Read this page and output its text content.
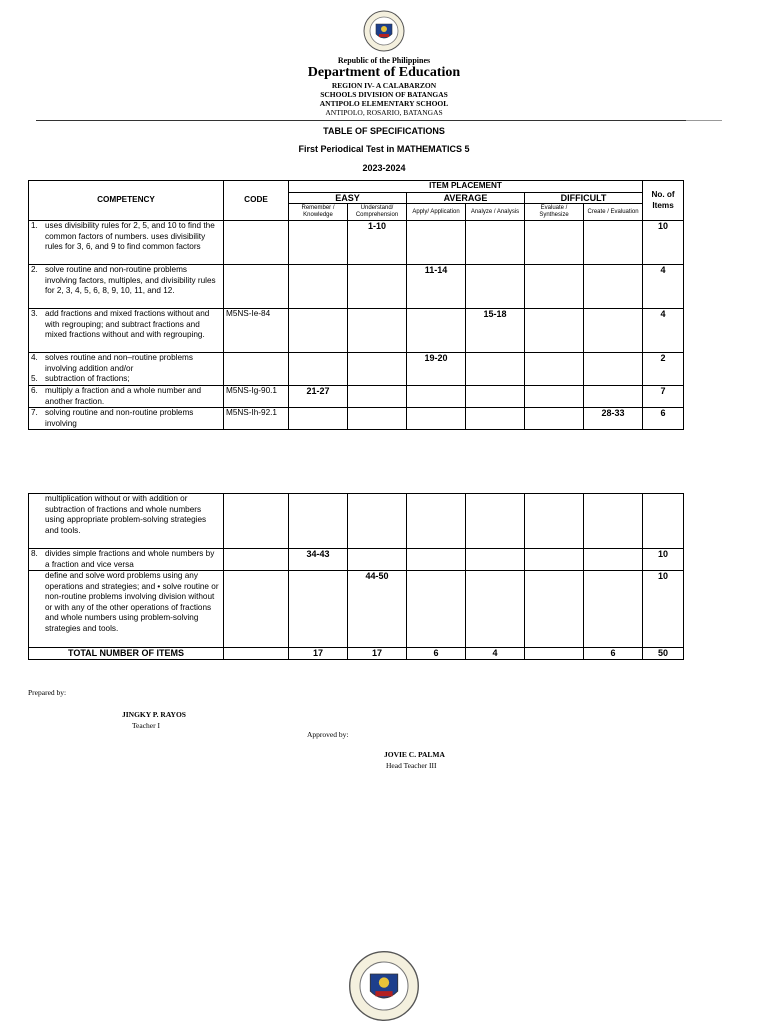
Republic of the Philippines
Department of Education
REGION IV- A CALABARZON
SCHOOLS DIVISION OF BATANGAS
ANTIPOLO ELEMENTARY SCHOOL
ANTIPOLO, ROSARIO, BATANGAS
TABLE OF SPECIFICATIONS
First Periodical Test in MATHEMATICS 5
2023-2024
COMPETENCY	CODE	ITEM PLACEMENT						No. of Items
		EASY		AVERAGE		DIFFICULT		
		Remember / Knowledge	Understand/ Comprehension	Apply/ Application	Analyze / Analysis	Evaluate / Synthesize	Create / Evaluation	

1. uses divisibility rules for 2, 5, and 10 to find the common factors of numbers. uses divisibility rules for 3, 6, and 9 to find common factors			1-10					10

2. solve routine and non-routine problems involving factors, multiples, and divisibility rules for 2, 3, 4, 5, 6, 8, 9, 10, 11, and 12.				11-14				4

3. add fractions and mixed fractions without and with regrouping; and subtract fractions and mixed fractions without and with regrouping.	M5NS-Ie-84				15-18			4

4. solves routine and non–routine problems involving addition and/or
5. subtraction of fractions;				19-20				2

6. multiply a fraction and a whole number and another fraction.	M5NS-Ig-90.1	21-27						7

7. solving routine and non-routine problems involving	M5NS-Ih-92.1						28-33	6
multiplication without or with addition or subtraction of fractions and whole numbers using appropriate problem-solving strategies and tools.								

8. divides simple fractions and whole numbers by a fraction and vice versa		34-43						10

define and solve word problems using any operations and strategies; and • solve routine or non-routine problems involving division without or with any of the other operations of fractions and whole numbers using problem-solving strategies and tools.			44-50					10
TOTAL NUMBER OF ITEMS		17	17	6	4		6	50
Prepared by:
JINGKY P. RAYOS
Teacher I
Approved by:
JOVIE C. PALMA
Head Teacher III
